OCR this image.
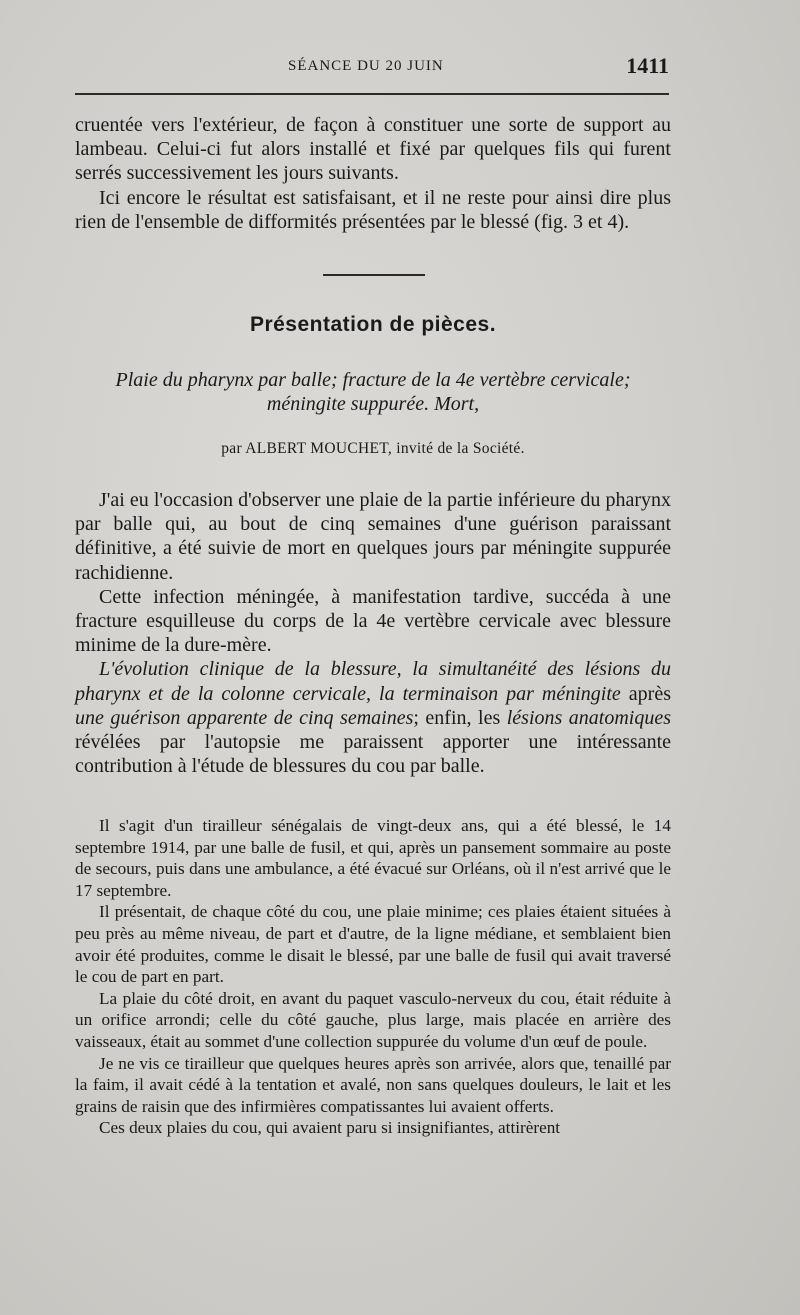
SÉANCE DU 20 JUIN	1411

cruentée vers l'extérieur, de façon à constituer une sorte de support au lambeau. Celui-ci fut alors installé et fixé par quelques fils qui furent serrés successivement les jours suivants.

Ici encore le résultat est satisfaisant, et il ne reste pour ainsi dire plus rien de l'ensemble de difformités présentées par le blessé (fig. 3 et 4).

Présentation de pièces.
Plaie du pharynx par balle; fracture de la 4e vertèbre cervicale;
méningite suppurée. Mort,
par ALBERT MOUCHET, invité de la Société.

J'ai eu l'occasion d'observer une plaie de la partie inférieure du pharynx par balle qui, au bout de cinq semaines d'une guérison paraissant définitive, a été suivie de mort en quelques jours par méningite suppurée rachidienne.

Cette infection méningée, à manifestation tardive, succéda à une fracture esquilleuse du corps de la 4e vertèbre cervicale avec blessure minime de la dure-mère.

L'évolution clinique de la blessure, la simultanéité des lésions du pharynx et de la colonne cervicale, la terminaison par méningite après une guérison apparente de cinq semaines; enfin, les lésions anatomiques révélées par l'autopsie me paraissent apporter une intéressante contribution à l'étude de blessures du cou par balle.

Il s'agit d'un tirailleur sénégalais de vingt-deux ans, qui a été blessé, le 14 septembre 1914, par une balle de fusil, et qui, après un pansement sommaire au poste de secours, puis dans une ambulance, a été évacué sur Orléans, où il n'est arrivé que le 17 septembre.

Il présentait, de chaque côté du cou, une plaie minime; ces plaies étaient situées à peu près au même niveau, de part et d'autre, de la ligne médiane, et semblaient bien avoir été produites, comme le disait le blessé, par une balle de fusil qui avait traversé le cou de part en part.

La plaie du côté droit, en avant du paquet vasculo-nerveux du cou, était réduite à un orifice arrondi; celle du côté gauche, plus large, mais placée en arrière des vaisseaux, était au sommet d'une collection suppurée du volume d'un œuf de poule.

Je ne vis ce tirailleur que quelques heures après son arrivée, alors que, tenaillé par la faim, il avait cédé à la tentation et avalé, non sans quelques douleurs, le lait et les grains de raisin que des infirmières compatissantes lui avaient offerts.

Ces deux plaies du cou, qui avaient paru si insignifiantes, attirèrent
